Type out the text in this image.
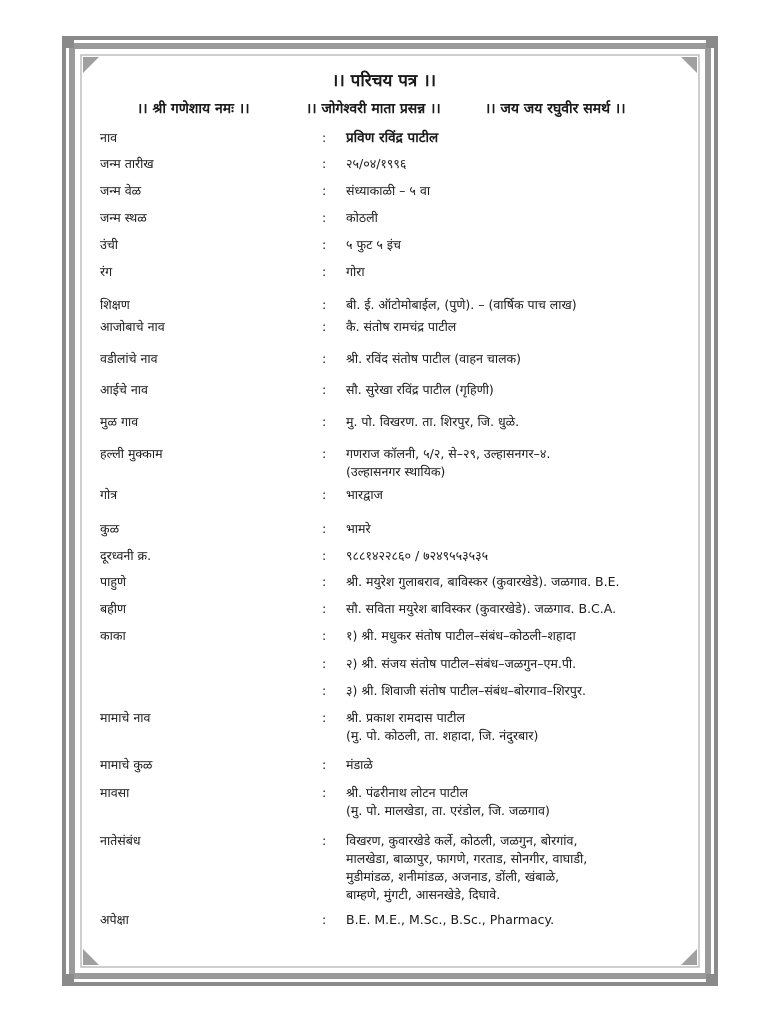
।। परिचय पत्र ।।
।। श्री गणेशाय नमः ।।	।। जोगेश्वरी माता प्रसन्न ।।	।। जय जय रघुवीर समर्थ ।।
नाव	: प्रविण रविंद्र पाटील
जन्म तारीख	: २५/०४/१९९६
जन्म वेळ	: संध्याकाळी – ५ वा
जन्म स्थळ	: कोठली
उंची	: ५ फुट ५ इंच
रंग	: गोरा
शिक्षण	: बी. ई. ऑटोमोबाईल, (पुणे). – (वार्षिक पाच लाख)
आजोबाचे नाव	: कै. संतोष रामचंद्र पाटील
वडीलांचे नाव	: श्री. रविंद संतोष पाटील (वाहन चालक)
आईचे नाव	: सौ. सुरेखा रविंद्र पाटील (गृहिणी)
मुळ गाव	: मु. पो. विखरण. ता. शिरपुर, जि. धुळे.
हल्ली मुक्काम	: गणराज कॉलनी, ५/२, से–२९, उल्हासनगर–४.
(उल्हासनगर स्थायिक)
गोत्र	: भारद्वाज
कुळ	: भामरे
दूरध्वनी क्र.	: ९८८१४२२८६० / ७२४९५५३५३५
पाहुणे	: श्री. मयुरेश गुलाबराव, बाविस्कर (कुवारखेडे). जळगाव. B.E.
बहीण	: सौ. सविता मयुरेश बाविस्कर (कुवारखेडे). जळगाव. B.C.A.
काका	: १) श्री. मधुकर संतोष पाटील–संबंध–कोठली–शहादा
: २) श्री. संजय संतोष पाटील–संबंध–जळगुन–एम.पी.
: ३) श्री. शिवाजी संतोष पाटील–संबंध–बोरगाव–शिरपुर.
मामाचे नाव	: श्री. प्रकाश रामदास पाटील
(मु. पो. कोठली, ता. शहादा, जि. नंदुरबार)
मामाचे कुळ	: मंडाळे
मावसा	: श्री. पंढरीनाथ लोटन पाटील
(मु. पो. मालखेडा, ता. एरंडोल, जि. जळगाव)
नातेसंबंध	: विखरण, कुवारखेडे कर्ले, कोठली, जळगुन, बोरगांव,
मालखेडा, बाळापुर, फागणे, गरताड, सोनगीर, वाघाडी,
मुडीमांडळ, शनीमांडळ, अजनाड, डोंली, खंबाळे,
बाम्हणे, मुंगटी, आसनखेडे, दिघावे.
अपेक्षा	: B.E. M.E., M.Sc., B.Sc., Pharmacy.
